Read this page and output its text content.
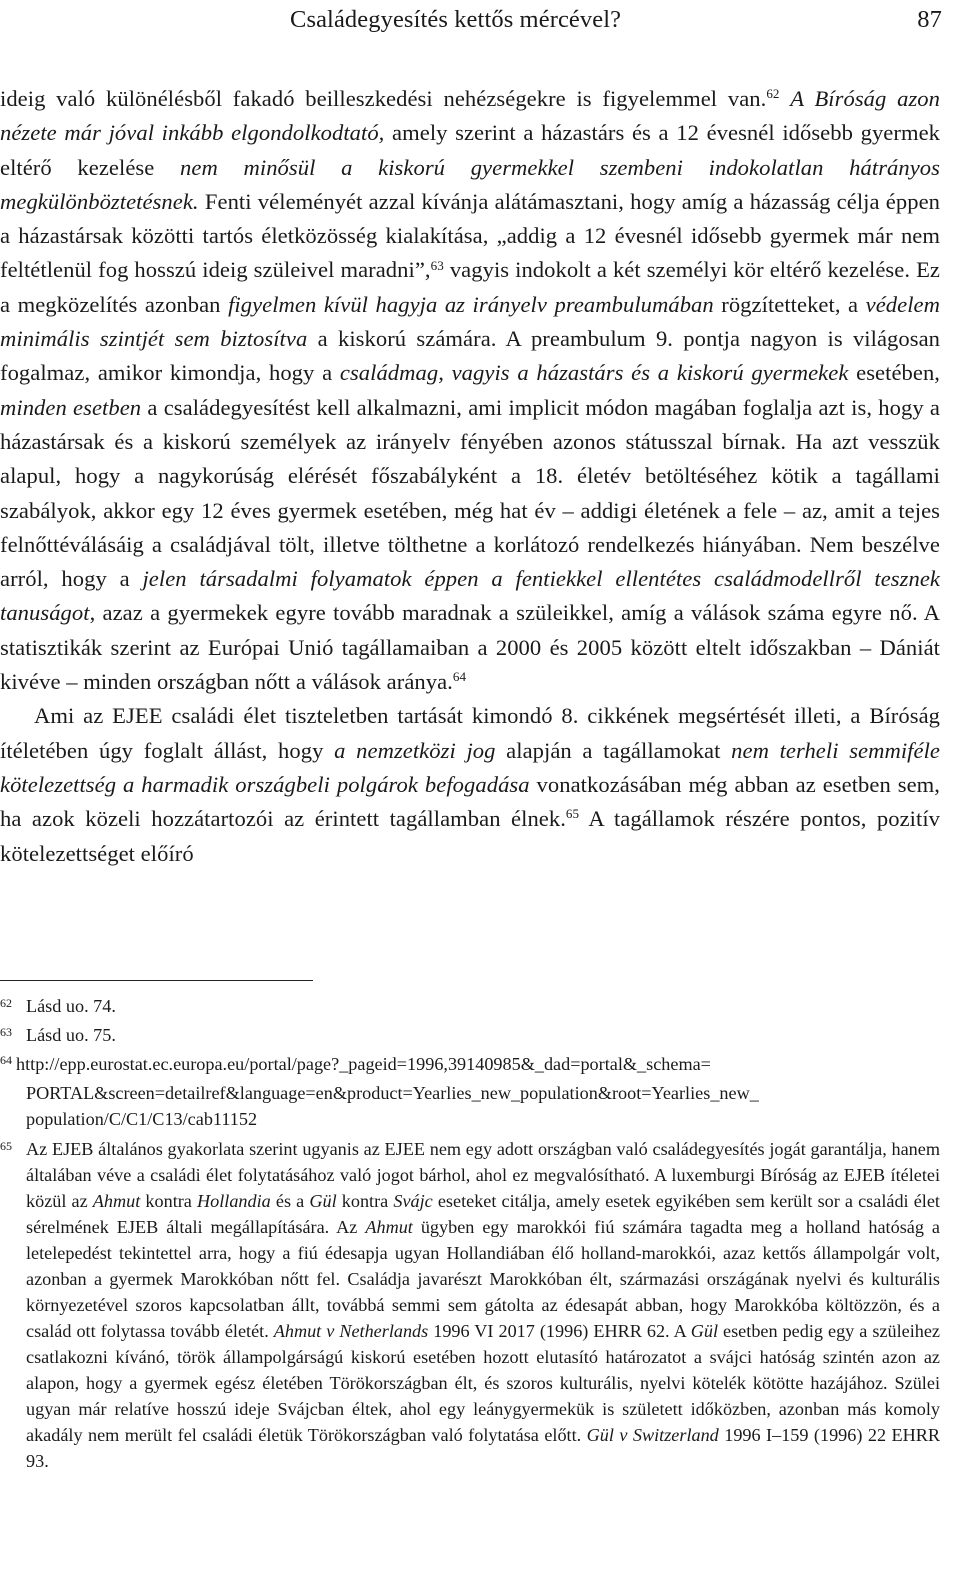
Családegyesítés kettős mércével?	87

ideig való különélésből fakadó beilleszkedési nehézségekre is figyelemmel van.$^{62}$ A Bíróság azon nézete már jóval inkább elgondolkodtató, amely szerint a házastárs és a 12 évesnél idősebb gyermek eltérő kezelése nem minősül a kiskorú gyermekkel szembeni indokolatlan hátrányos megkülönböztetésnek. Fenti véleményét azzal kívánja alátámasztani, hogy amíg a házasság célja éppen a házastársak közötti tartós életközösség kialakítása, „addig a 12 évesnél idősebb gyermek már nem feltétlenül fog hosszú ideig szüleivel maradni”,$^{63}$ vagyis indokolt a két személyi kör eltérő kezelése. Ez a megközelítés azonban figyelmen kívül hagyja az irányelv preambulumában rögzítetteket, a védelem minimális szintjét sem biztosítva a kiskorú számára. A preambulum 9. pontja nagyon is világosan fogalmaz, amikor kimondja, hogy a családmag, vagyis a házastárs és a kiskorú gyermekek esetében, minden esetben a családegyesítést kell alkalmazni, ami implicit módon magában foglalja azt is, hogy a házastársak és a kiskorú személyek az irányelv fényében azonos státusszal bírnak. Ha azt vesszük alapul, hogy a nagykorúság elérését főszabályként a 18. életév betöltéséhez kötik a tagállami szabályok, akkor egy 12 éves gyermek esetében, még hat év – addigi életének a fele – az, amit a tejes felnőttéválásáig a családjával tölt, illetve tölthetne a korlátozó rendelkezés hiányában. Nem beszélve arról, hogy a jelen társadalmi folyamatok éppen a fentiekkel ellentétes családmodellről tesznek tanuságot, azaz a gyermekek egyre tovább maradnak a szüleikkel, amíg a válások száma egyre nő. A statisztikák szerint az Európai Unió tagállamaiban a 2000 és 2005 között eltelt időszakban – Dániát kivéve – minden országban nőtt a válások aránya.$^{64}$

Ami az EJEE családi élet tiszteletben tartását kimondó 8. cikkének megsértését illeti, a Bíróság ítéletében úgy foglalt állást, hogy a nemzetközi jog alapján a tagállamokat nem terheli semmiféle kötelezettség a harmadik országbeli polgárok befogadása vonatkozásában még abban az esetben sem, ha azok közeli hozzátartozói az érintett tagállamban élnek.$^{65}$ A tagállamok részére pontos, pozitív kötelezettséget előíró

62 Lásd uo. 74.
63 Lásd uo. 75.
$^{64}$ http://epp.eurostat.ec.europa.eu/portal/page?_pageid=1996,39140985&_dad=portal&_schema=
PORTAL&screen=detailref&language=en&product=Yearlies_new_population&root=Yearlies_new_
population/C/C1/C13/cab11152
65 Az EJEB általános gyakorlata szerint ugyanis az EJEE nem egy adott országban való családegyesítés jogát garantálja, hanem általában véve a családi élet folytatásához való jogot bárhol, ahol ez megvalósítható. A luxemburgi Bíróság az EJEB ítéletei közül az Ahmut kontra Hollandia és a Gül kontra Svájc eseteket citálja, amely esetek egyikében sem került sor a családi élet sérelmének EJEB általi megállapítására. Az Ahmut ügyben egy marokkói fiú számára tagadta meg a holland hatóság a letelepedést tekintettel arra, hogy a fiú édesapja ugyan Hollandiában élő holland-marokkói, azaz kettős állampolgár volt, azonban a gyermek Marokkóban nőtt fel. Családja javarészt Marokkóban élt, származási országának nyelvi és kulturális környezetével szoros kapcsolatban állt, továbbá semmi sem gátolta az édesapát abban, hogy Marokkóba költözzön, és a család ott folytassa tovább életét. Ahmut v Netherlands 1996 VI 2017 (1996) EHRR 62. A Gül esetben pedig egy a szüleihez csatlakozni kívánó, török állampolgárságú kiskorú esetében hozott elutasító határozatot a svájci hatóság szintén azon az alapon, hogy a gyermek egész életében Törökországban élt, és szoros kulturális, nyelvi kötelék kötötte hazájához. Szülei ugyan már relatíve hosszú ideje Svájcban éltek, ahol egy leánygyermekük is született időközben, azonban más komoly akadály nem merült fel családi életük Törökországban való folytatása előtt. Gül v Switzerland 1996 I–159 (1996) 22 EHRR 93.
